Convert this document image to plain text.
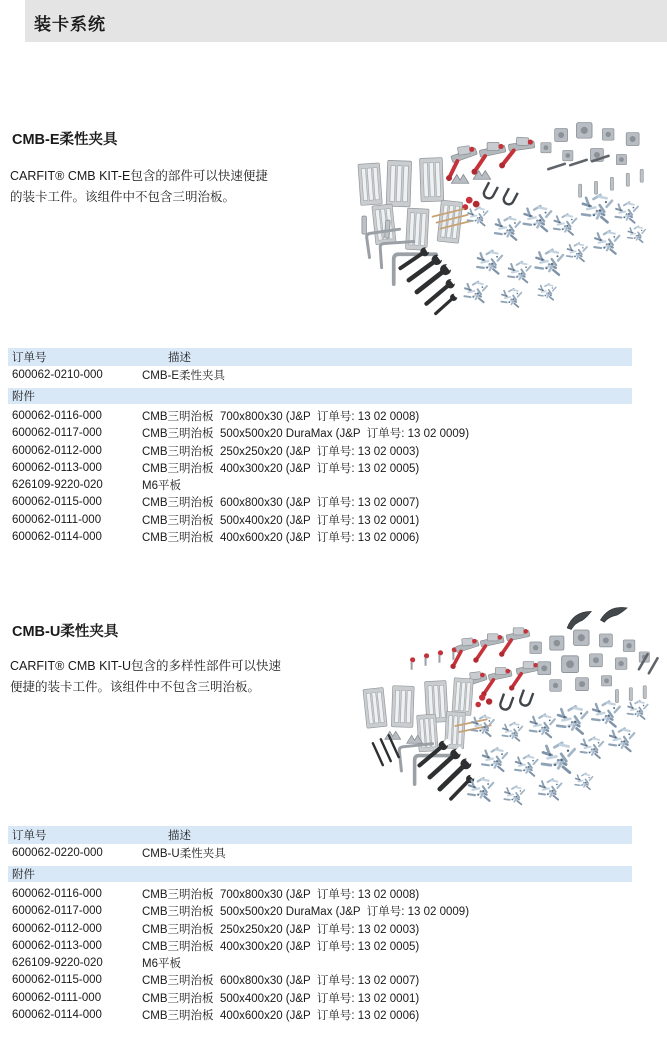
装卡系统
CMB-E柔性夹具

CARFIT® CMB KIT-E包含的部件可以快速便捷
的装卡工件。该组件中不包含三明治板。

订单号	描述
600062-0210-000	CMB-E柔性夹具
附件
600062-0116-000	CMB三明治板  700x800x30 (J&P  订单号: 13 02 0008)
600062-0117-000	CMB三明治板  500x500x20 DuraMax (J&P  订单号: 13 02 0009)
600062-0112-000	CMB三明治板  250x250x20 (J&P  订单号: 13 02 0003)
600062-0113-000	CMB三明治板  400x300x20 (J&P  订单号: 13 02 0005)
626109-9220-020	M6平板
600062-0115-000	CMB三明治板  600x800x30 (J&P  订单号: 13 02 0007)
600062-0111-000	CMB三明治板  500x400x20 (J&P  订单号: 13 02 0001)
600062-0114-000	CMB三明治板  400x600x20 (J&P  订单号: 13 02 0006)
CMB-U柔性夹具

CARFIT® CMB KIT-U包含的多样性部件可以快速
便捷的装卡工件。该组件中不包含三明治板。

订单号	描述
600062-0220-000	CMB-U柔性夹具
附件
600062-0116-000	CMB三明治板  700x800x30 (J&P  订单号: 13 02 0008)
600062-0117-000	CMB三明治板  500x500x20 DuraMax (J&P  订单号: 13 02 0009)
600062-0112-000	CMB三明治板  250x250x20 (J&P  订单号: 13 02 0003)
600062-0113-000	CMB三明治板  400x300x20 (J&P  订单号: 13 02 0005)
626109-9220-020	M6平板
600062-0115-000	CMB三明治板  600x800x30 (J&P  订单号: 13 02 0007)
600062-0111-000	CMB三明治板  500x400x20 (J&P  订单号: 13 02 0001)
600062-0114-000	CMB三明治板  400x600x20 (J&P  订单号: 13 02 0006)
